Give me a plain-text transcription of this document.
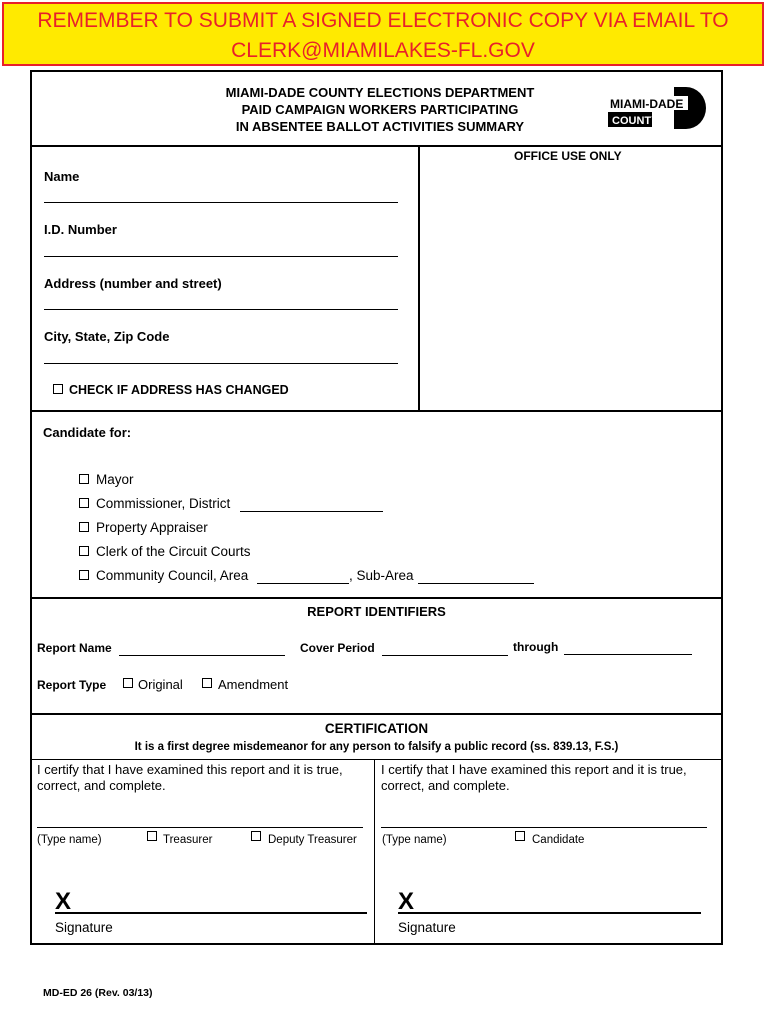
REMEMBER TO SUBMIT A SIGNED ELECTRONIC COPY VIA EMAIL TO
CLERK@MIAMILAKES-FL.GOV
MIAMI-DADE COUNTY ELECTIONS DEPARTMENT
PAID CAMPAIGN WORKERS PARTICIPATING
IN ABSENTEE BALLOT ACTIVITIES SUMMARY
MIAMI-DADE
COUNTY
OFFICE USE ONLY
Name
I.D. Number
Address (number and street)
City, State, Zip Code
CHECK IF ADDRESS HAS CHANGED
Candidate for:
Mayor
Commissioner, District
Property Appraiser
Clerk of the Circuit Courts
Community Council, Area	, Sub-Area
REPORT IDENTIFIERS
Report Name	Cover Period	through
Report Type Original	Amendment
CERTIFICATION
It is a first degree misdemeanor for any person to falsify a public record (ss. 839.13, F.S.)
I certify that I have examined this report and it is true,
correct, and complete.
(Type name)	Treasurer	Deputy Treasurer
X
Signature
I certify that I have examined this report and it is true,
correct, and complete.
(Type name)	Candidate
X
Signature
MD-ED 26 (Rev. 03/13)
